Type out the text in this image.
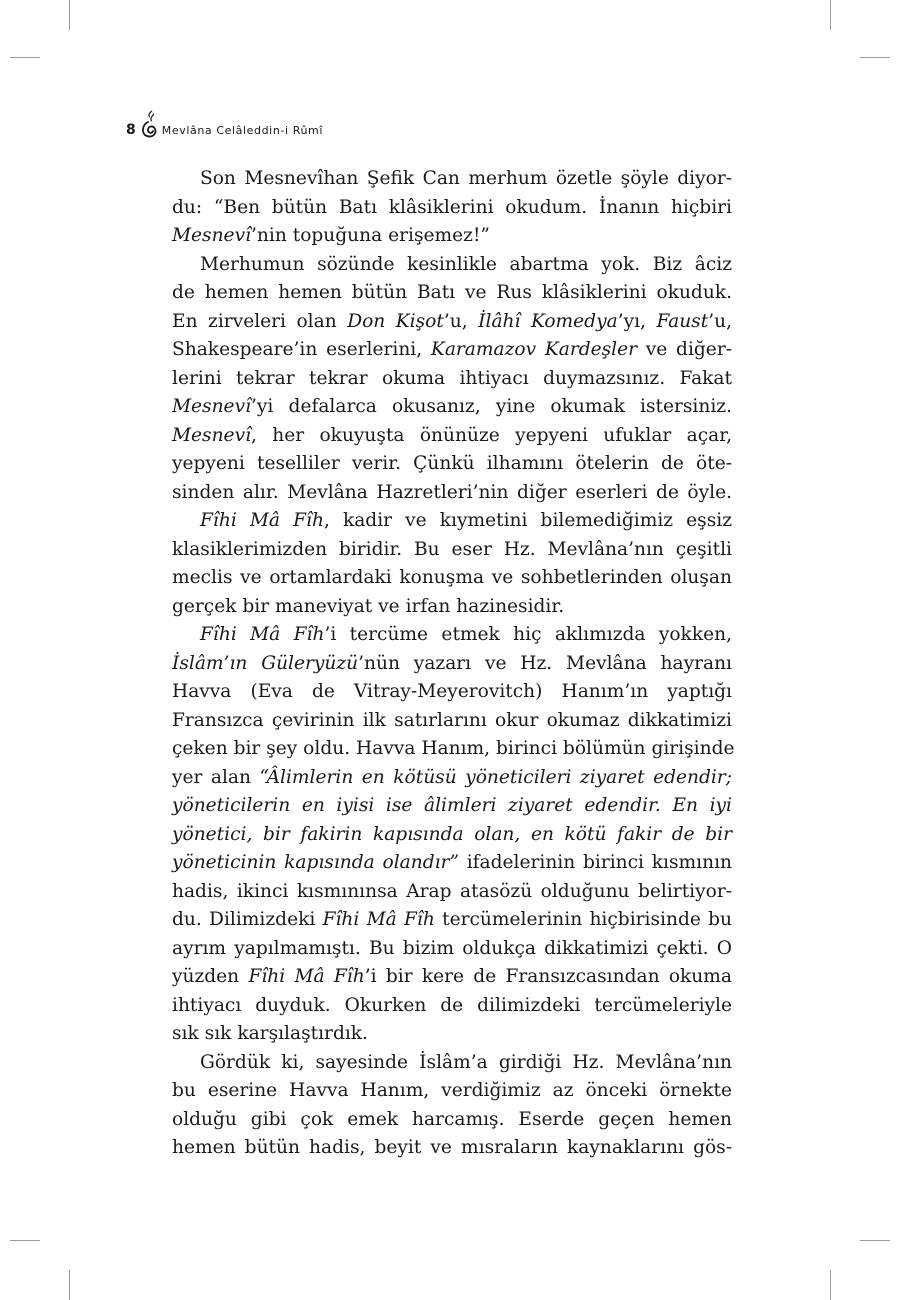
8 Mevlâna Celâleddin-i Rûmî
Son Mesnevîhan Şefik Can merhum özetle şöyle diyor-
du: “Ben bütün Batı klâsiklerini okudum. İnanın hiçbiri
Mesnevî’nin topuğuna erişemez!”
Merhumun sözünde kesinlikle abartma yok. Biz âciz
de hemen hemen bütün Batı ve Rus klâsiklerini okuduk.
En zirveleri olan Don Kişot’u, İlâhî Komedya’yı, Faust’u,
Shakespeare’in eserlerini, Karamazov Kardeşler ve diğer-
lerini tekrar tekrar okuma ihtiyacı duymazsınız. Fakat
Mesnevî’yi defalarca okusanız, yine okumak istersiniz.
Mesnevî, her okuyuşta önünüze yepyeni ufuklar açar,
yepyeni teselliler verir. Çünkü ilhamını ötelerin de öte-
sinden alır. Mevlâna Hazretleri’nin diğer eserleri de öyle.
Fîhi Mâ Fîh, kadir ve kıymetini bilemediğimiz eşsiz
klasiklerimizden biridir. Bu eser Hz. Mevlâna’nın çeşitli
meclis ve ortamlardaki konuşma ve sohbetlerinden oluşan
gerçek bir maneviyat ve irfan hazinesidir.
Fîhi Mâ Fîh’i tercüme etmek hiç aklımızda yokken,
İslâm’ın Güleryüzü’nün yazarı ve Hz. Mevlâna hayranı
Havva (Eva de Vitray-Meyerovitch) Hanım’ın yaptığı
Fransızca çevirinin ilk satırlarını okur okumaz dikkatimizi
çeken bir şey oldu. Havva Hanım, birinci bölümün girişinde
yer alan “Âlimlerin en kötüsü yöneticileri ziyaret edendir;
yöneticilerin en iyisi ise âlimleri ziyaret edendir. En iyi
yönetici, bir fakirin kapısında olan, en kötü fakir de bir
yöneticinin kapısında olandır” ifadelerinin birinci kısmının
hadis, ikinci kısmınınsa Arap atasözü olduğunu belirtiyor-
du. Dilimizdeki Fîhi Mâ Fîh tercümelerinin hiçbirisinde bu
ayrım yapılmamıştı. Bu bizim oldukça dikkatimizi çekti. O
yüzden Fîhi Mâ Fîh’i bir kere de Fransızcasından okuma
ihtiyacı duyduk. Okurken de dilimizdeki tercümeleriyle
sık sık karşılaştırdık.
Gördük ki, sayesinde İslâm’a girdiği Hz. Mevlâna’nın
bu eserine Havva Hanım, verdiğimiz az önceki örnekte
olduğu gibi çok emek harcamış. Eserde geçen hemen
hemen bütün hadis, beyit ve mısraların kaynaklarını gös-
